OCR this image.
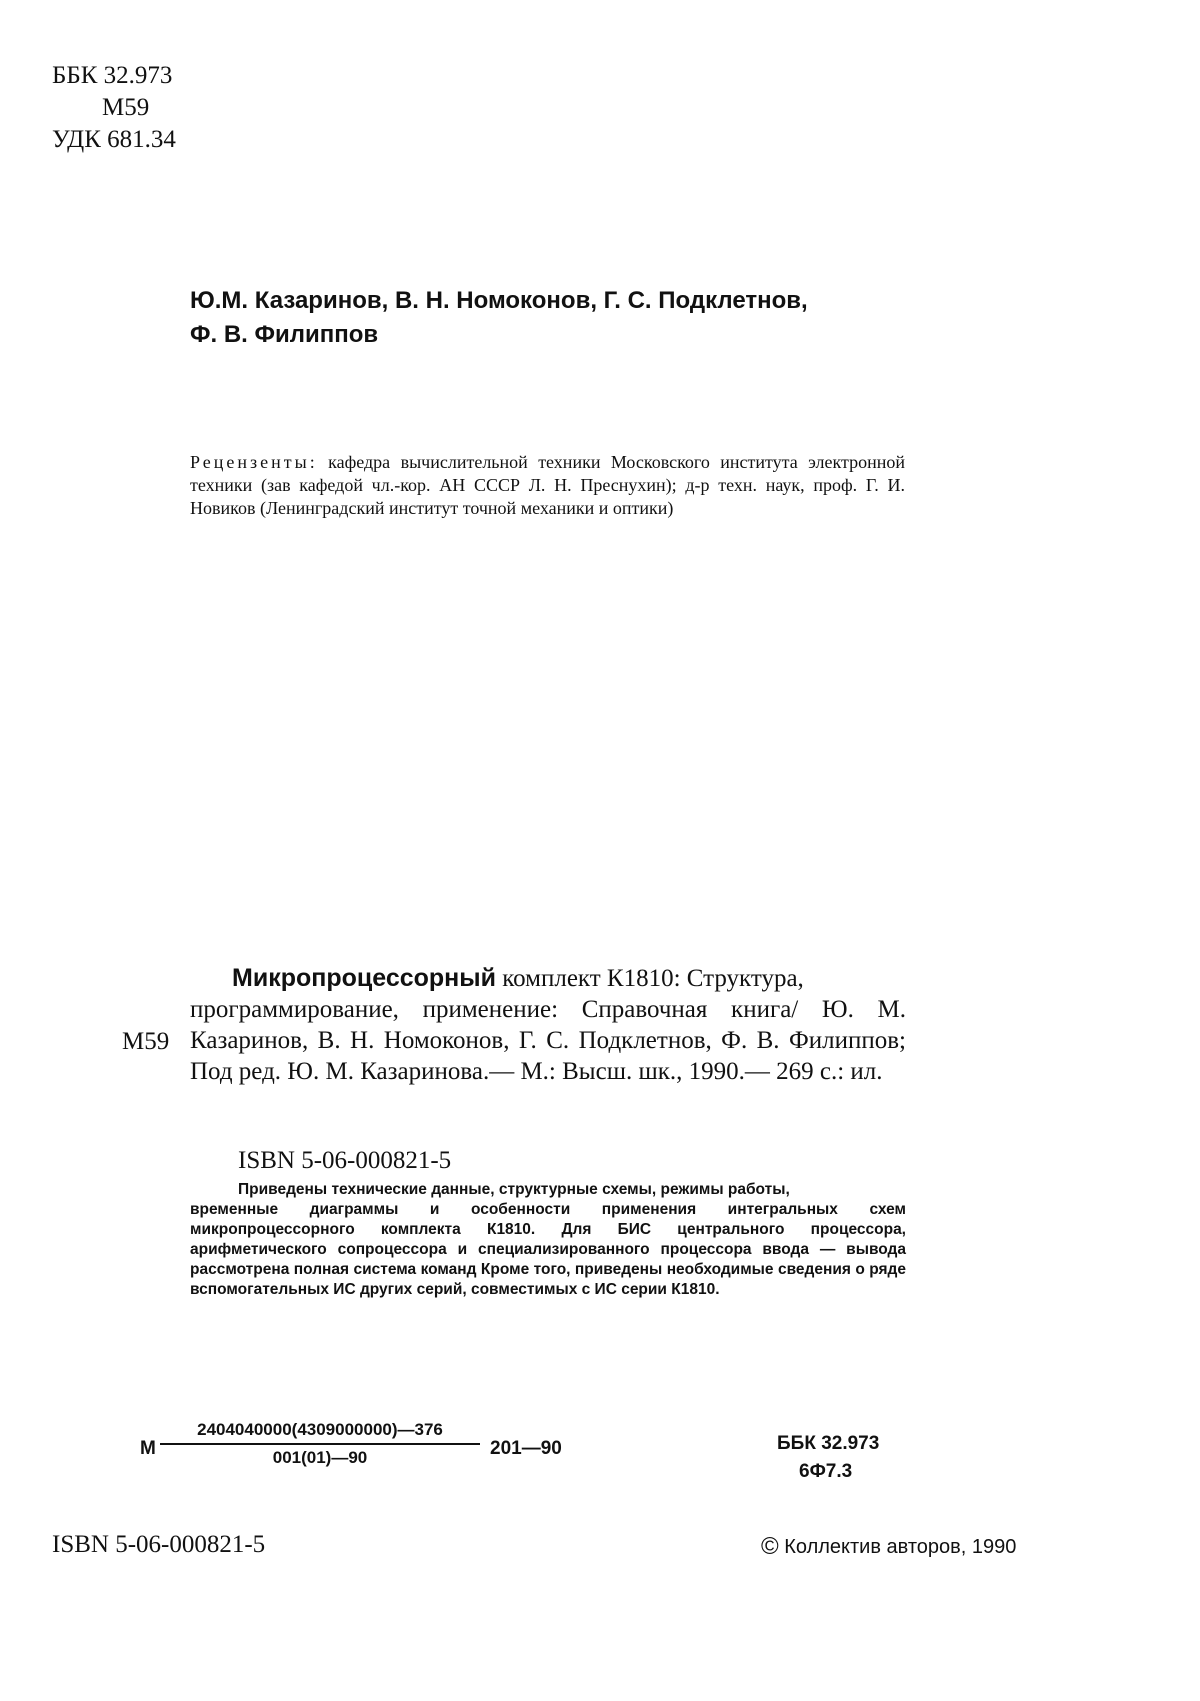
ББК 32.973
М59
УДК 681.34
Ю.М. Казаринов, В. Н. Номоконов, Г. С. Подклетнов,
Ф. В. Филиппов
Рецензенты: кафедра вычислительной техники Московского института электронной техники (зав кафедой чл.-кор. АН СССР Л. Н. Преснухин); д-р техн. наук, проф. Г. И. Новиков (Ленинградский институт точной механики и оптики)
М59
Микропроцессорный комплект К1810: Структура,
программирование, применение: Справочная книга/ Ю. М. Казаринов, В. Н. Номоконов, Г. С. Подклетнов, Ф. В. Филиппов; Под ред. Ю. М. Казаринова.— М.: Высш. шк., 1990.— 269 с.: ил.
ISBN 5-06-000821-5
Приведены технические данные, структурные схемы, режимы работы,
временные диаграммы и особенности применения интегральных схем микропроцессорного комплекта К1810. Для БИС центрального процессора, арифметического сопроцессора и специализированного процессора ввода — вывода рассмотрена полная система команд Кроме того, приведены необходимые сведения о ряде вспомогательных ИС других серий, совместимых с ИС серии К1810.
М $\frac{2404040000(4309000000)—376}{001(01)—90}$ 201—90	ББК 32.973
6Ф7.3
ISBN 5-06-000821-5	© Коллектив авторов, 1990
